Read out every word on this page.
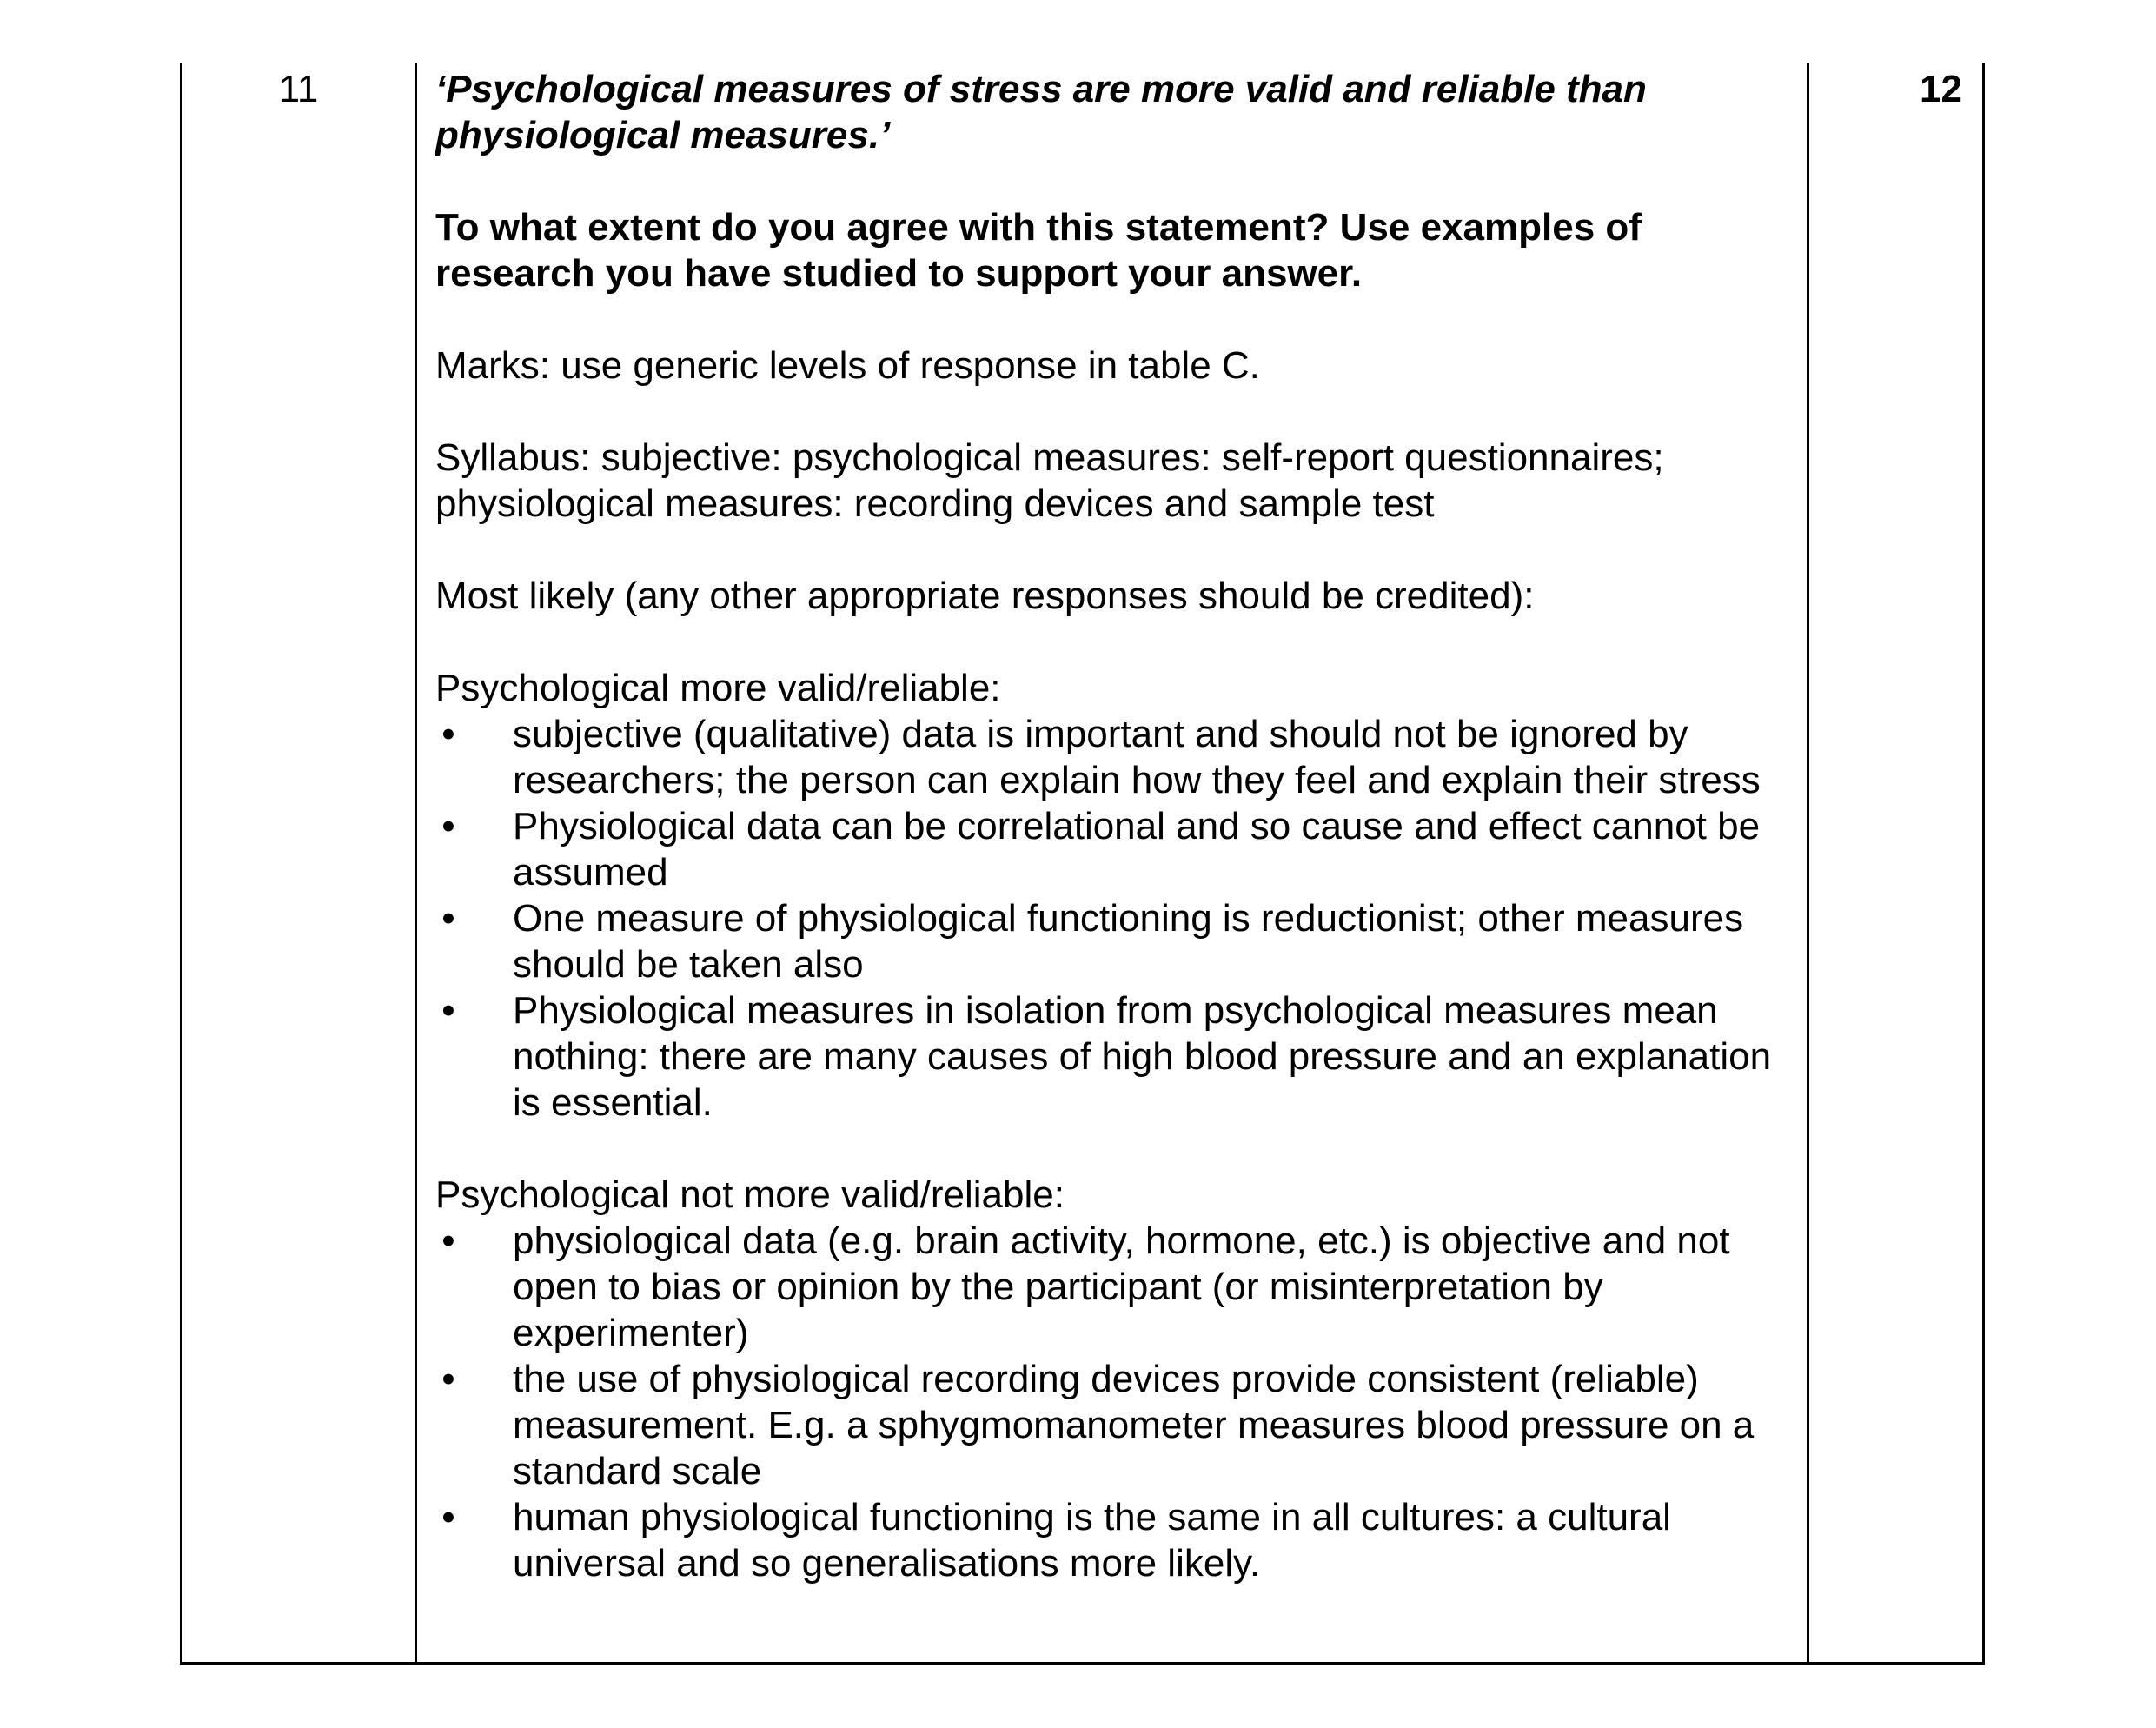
11	‘Psychological measures of stress are more valid and reliable than physiological measures.’

To what extent do you agree with this statement? Use examples of research you have studied to support your answer.

Marks: use generic levels of response in table C.

Syllabus: subjective: psychological measures: self-report questionnaires; physiological measures: recording devices and sample test

Most likely (any other appropriate responses should be credited):

Psychological more valid/reliable:

• subjective (qualitative) data is important and should not be ignored by researchers; the person can explain how they feel and explain their stress
• Physiological data can be correlational and so cause and effect cannot be assumed
• One measure of physiological functioning is reductionist; other measures should be taken also
• Physiological measures in isolation from psychological measures mean nothing: there are many causes of high blood pressure and an explanation is essential.

Psychological not more valid/reliable:

• physiological data (e.g. brain activity, hormone, etc.) is objective and not open to bias or opinion by the participant (or misinterpretation by experimenter)
• the use of physiological recording devices provide consistent (reliable) measurement. E.g. a sphygmomanometer measures blood pressure on a standard scale
• human physiological functioning is the same in all cultures: a cultural universal and so generalisations more likely.
12
